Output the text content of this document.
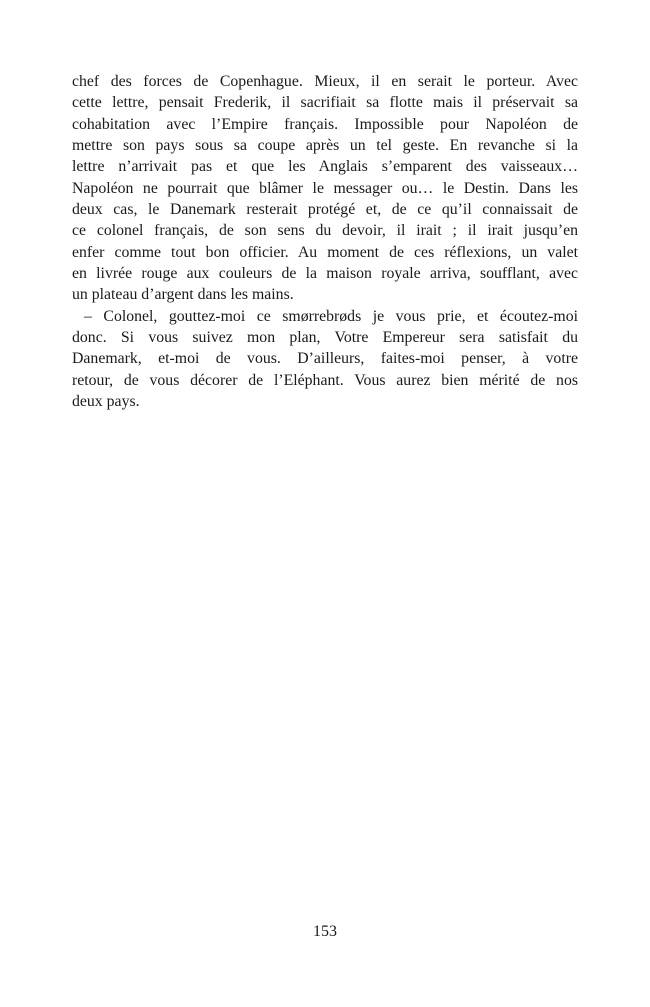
chef des forces de Copenhague. Mieux, il en serait le porteur. Avec
cette lettre, pensait Frederik, il sacrifiait sa flotte mais il préservait sa
cohabitation avec l’Empire français. Impossible pour Napoléon de
mettre son pays sous sa coupe après un tel geste. En revanche si la
lettre n’arrivait pas et que les Anglais s’emparent des vaisseaux…
Napoléon ne pourrait que blâmer le messager ou… le Destin. Dans les
deux cas, le Danemark resterait protégé et, de ce qu’il connaissait de
ce colonel français, de son sens du devoir, il irait ; il irait jusqu’en
enfer comme tout bon officier. Au moment de ces réflexions, un valet
en livrée rouge aux couleurs de la maison royale arriva, soufflant, avec
un plateau d’argent dans les mains.
– Colonel, gouttez-moi ce smørrebrøds je vous prie, et écoutez-moi
donc. Si vous suivez mon plan, Votre Empereur sera satisfait du
Danemark, et-moi de vous. D’ailleurs, faites-moi penser, à votre
retour, de vous décorer de l’Eléphant. Vous aurez bien mérité de nos
deux pays.
153
